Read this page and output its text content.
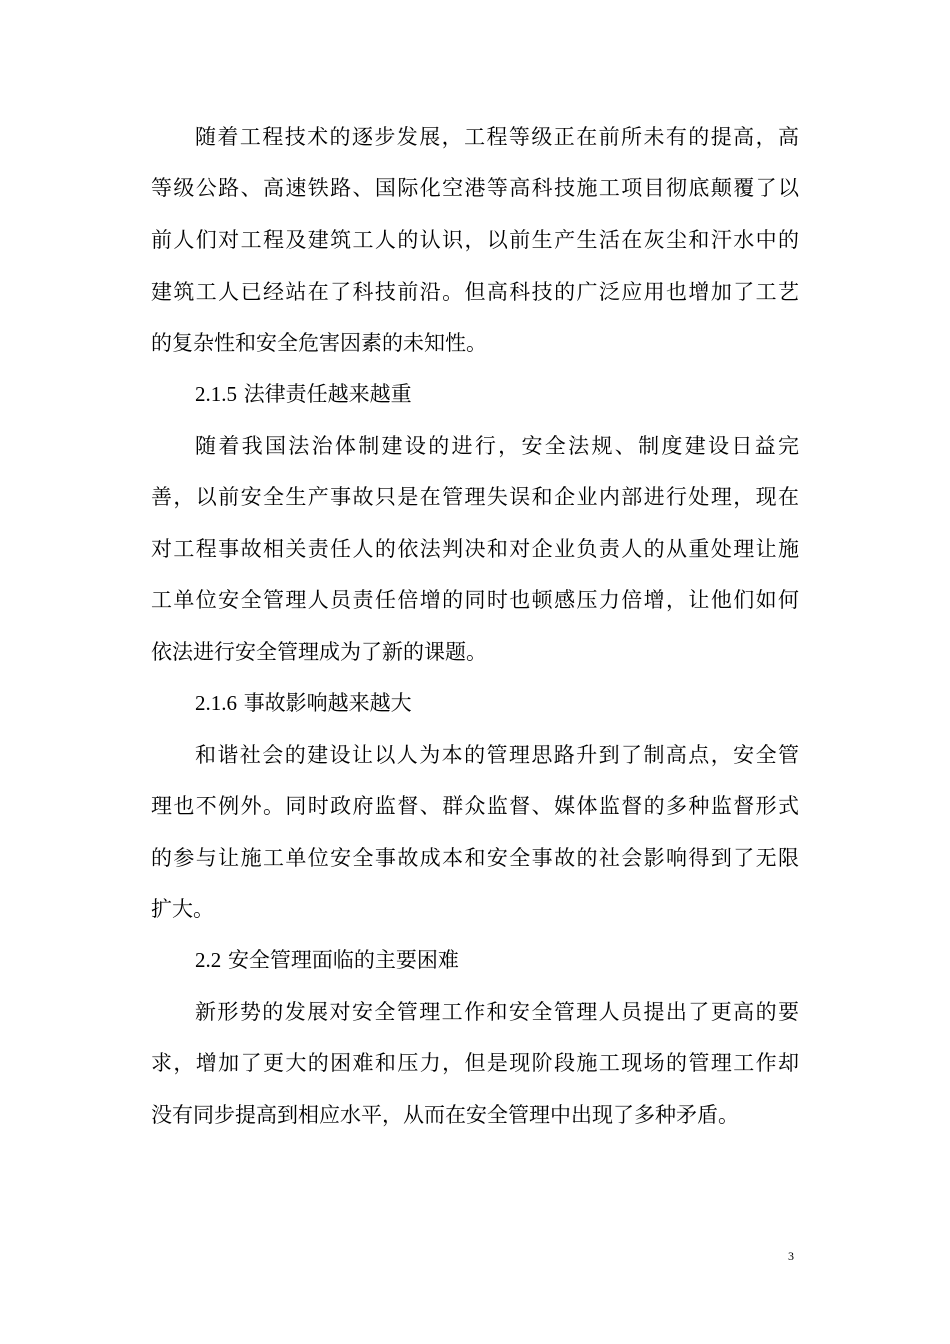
随着工程技术的逐步发展，工程等级正在前所未有的提高，高
等级公路、高速铁路、国际化空港等高科技施工项目彻底颠覆了以
前人们对工程及建筑工人的认识，以前生产生活在灰尘和汗水中的
建筑工人已经站在了科技前沿。但高科技的广泛应用也增加了工艺
的复杂性和安全危害因素的未知性。
2.1.5 法律责任越来越重
随着我国法治体制建设的进行，安全法规、制度建设日益完
善，以前安全生产事故只是在管理失误和企业内部进行处理，现在
对工程事故相关责任人的依法判决和对企业负责人的从重处理让施
工单位安全管理人员责任倍增的同时也顿感压力倍增，让他们如何
依法进行安全管理成为了新的课题。
2.1.6 事故影响越来越大
和谐社会的建设让以人为本的管理思路升到了制高点，安全管
理也不例外。同时政府监督、群众监督、媒体监督的多种监督形式
的参与让施工单位安全事故成本和安全事故的社会影响得到了无限
扩大。
2.2 安全管理面临的主要困难
新形势的发展对安全管理工作和安全管理人员提出了更高的要
求，增加了更大的困难和压力，但是现阶段施工现场的管理工作却
没有同步提高到相应水平，从而在安全管理中出现了多种矛盾。
3
